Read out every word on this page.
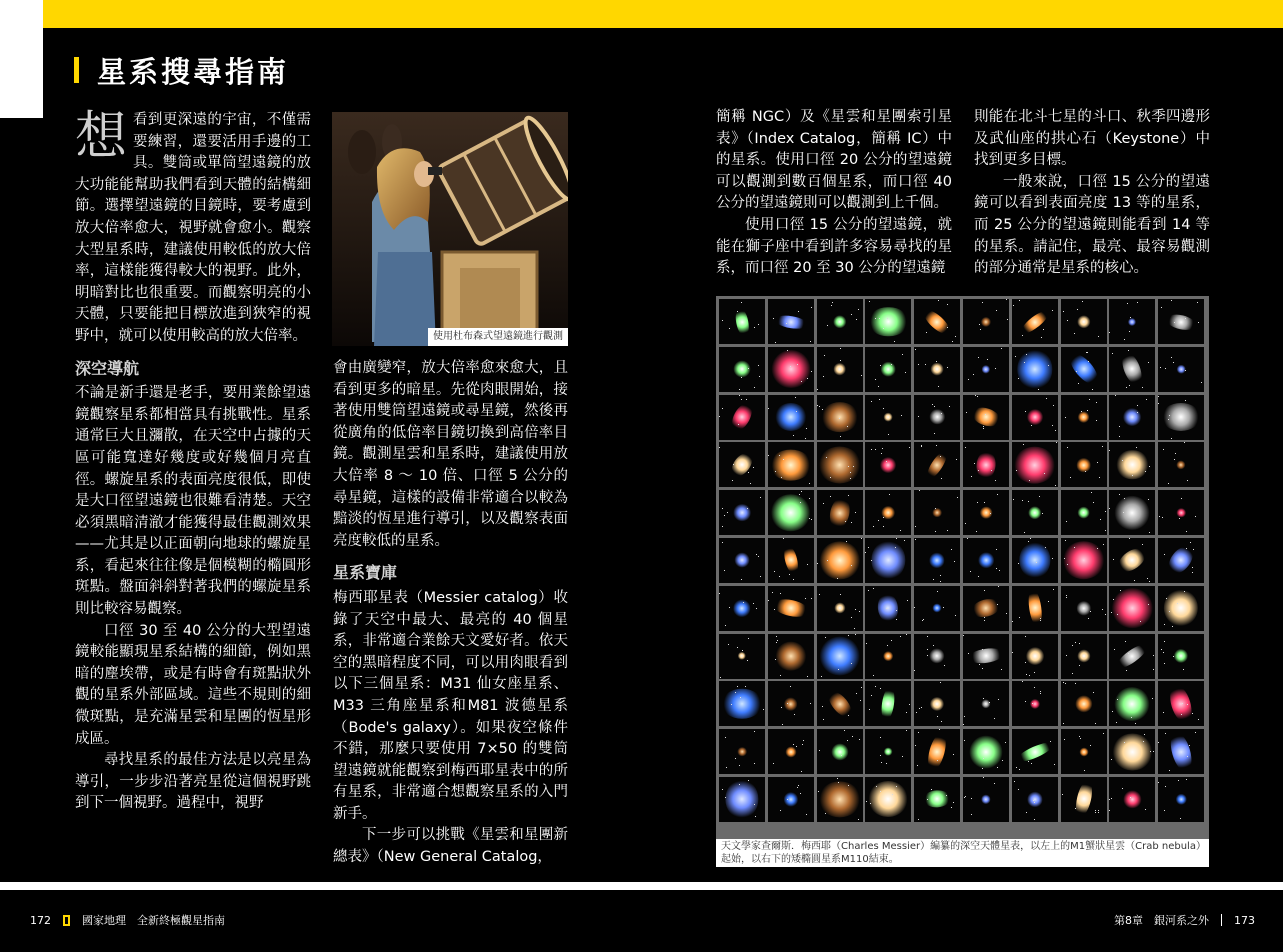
星系搜尋指南

想看到更深遠的宇宙，不僅需要練習，還要活用手邊的工具。雙筒或單筒望遠鏡的放大功能能幫助我們看到天體的結構細節。選擇望遠鏡的目鏡時，要考慮到放大倍率愈大，視野就會愈小。觀察大型星系時，建議使用較低的放大倍率，這樣能獲得較大的視野。此外，明暗對比也很重要。而觀察明亮的小天體，只要能把目標放進到狹窄的視野中，就可以使用較高的放大倍率。

深空導航

不論是新手還是老手，要用業餘望遠鏡觀察星系都相當具有挑戰性。星系通常巨大且瀰散，在天空中占據的天區可能寬達好幾度或好幾個月亮直徑。螺旋星系的表面亮度很低，即使是大口徑望遠鏡也很難看清楚。天空必須黑暗清澈才能獲得最佳觀測效果——尤其是以正面朝向地球的螺旋星系，看起來往往像是個模糊的橢圓形斑點。盤面斜斜對著我們的螺旋星系則比較容易觀察。

口徑 30 至 40 公分的大型望遠鏡較能顯現星系結構的細節，例如黑暗的塵埃帶，或是有時會有斑點狀外觀的星系外部區域。這些不規則的細微斑點，是充滿星雲和星團的恆星形成區。

尋找星系的最佳方法是以亮星為導引，一步步沿著亮星從這個視野跳到下一個視野。過程中，視野

使用杜布森式望遠鏡進行觀測

會由廣變窄，放大倍率愈來愈大，且看到更多的暗星。先從肉眼開始，接著使用雙筒望遠鏡或尋星鏡，然後再從廣角的低倍率目鏡切換到高倍率目鏡。觀測星雲和星系時，建議使用放大倍率 8 ～ 10 倍、口徑 5 公分的尋星鏡，這樣的設備非常適合以較為黯淡的恆星進行導引，以及觀察表面亮度較低的星系。

星系寶庫

梅西耶星表（Messier catalog）收錄了天空中最大、最亮的 40 個星系，非常適合業餘天文愛好者。依天空的黑暗程度不同，可以用肉眼看到以下三個星系：M31 仙女座星系、M33 三角座星系和M81 波德星系（Bode's galaxy）。如果夜空條件不錯，那麼只要使用 7×50 的雙筒望遠鏡就能觀察到梅西耶星表中的所有星系，非常適合想觀察星系的入門新手。

下一步可以挑戰《星雲和星團新總表》（New General Catalog，

簡稱 NGC）及《星雲和星團索引星表》（Index Catalog，簡稱 IC）中的星系。使用口徑 20 公分的望遠鏡可以觀測到數百個星系，而口徑 40 公分的望遠鏡則可以觀測到上千個。

使用口徑 15 公分的望遠鏡，就能在獅子座中看到許多容易尋找的星系，而口徑 20 至 30 公分的望遠鏡

則能在北斗七星的斗口、秋季四邊形及武仙座的拱心石（Keystone）中找到更多目標。

一般來說，口徑 15 公分的望遠鏡可以看到表面亮度 13 等的星系，而 25 公分的望遠鏡則能看到 14 等的星系。請記住，最亮、最容易觀測的部分通常是星系的核心。

天文學家查爾斯．梅西耶（Charles Messier）編纂的深空天體星表，以左上的M1蟹狀星雲（Crab nebula）起始，以右下的矮橢圓星系M110結束。
172	國家地理　全新終極觀星指南	第8章　銀河系之外 173
